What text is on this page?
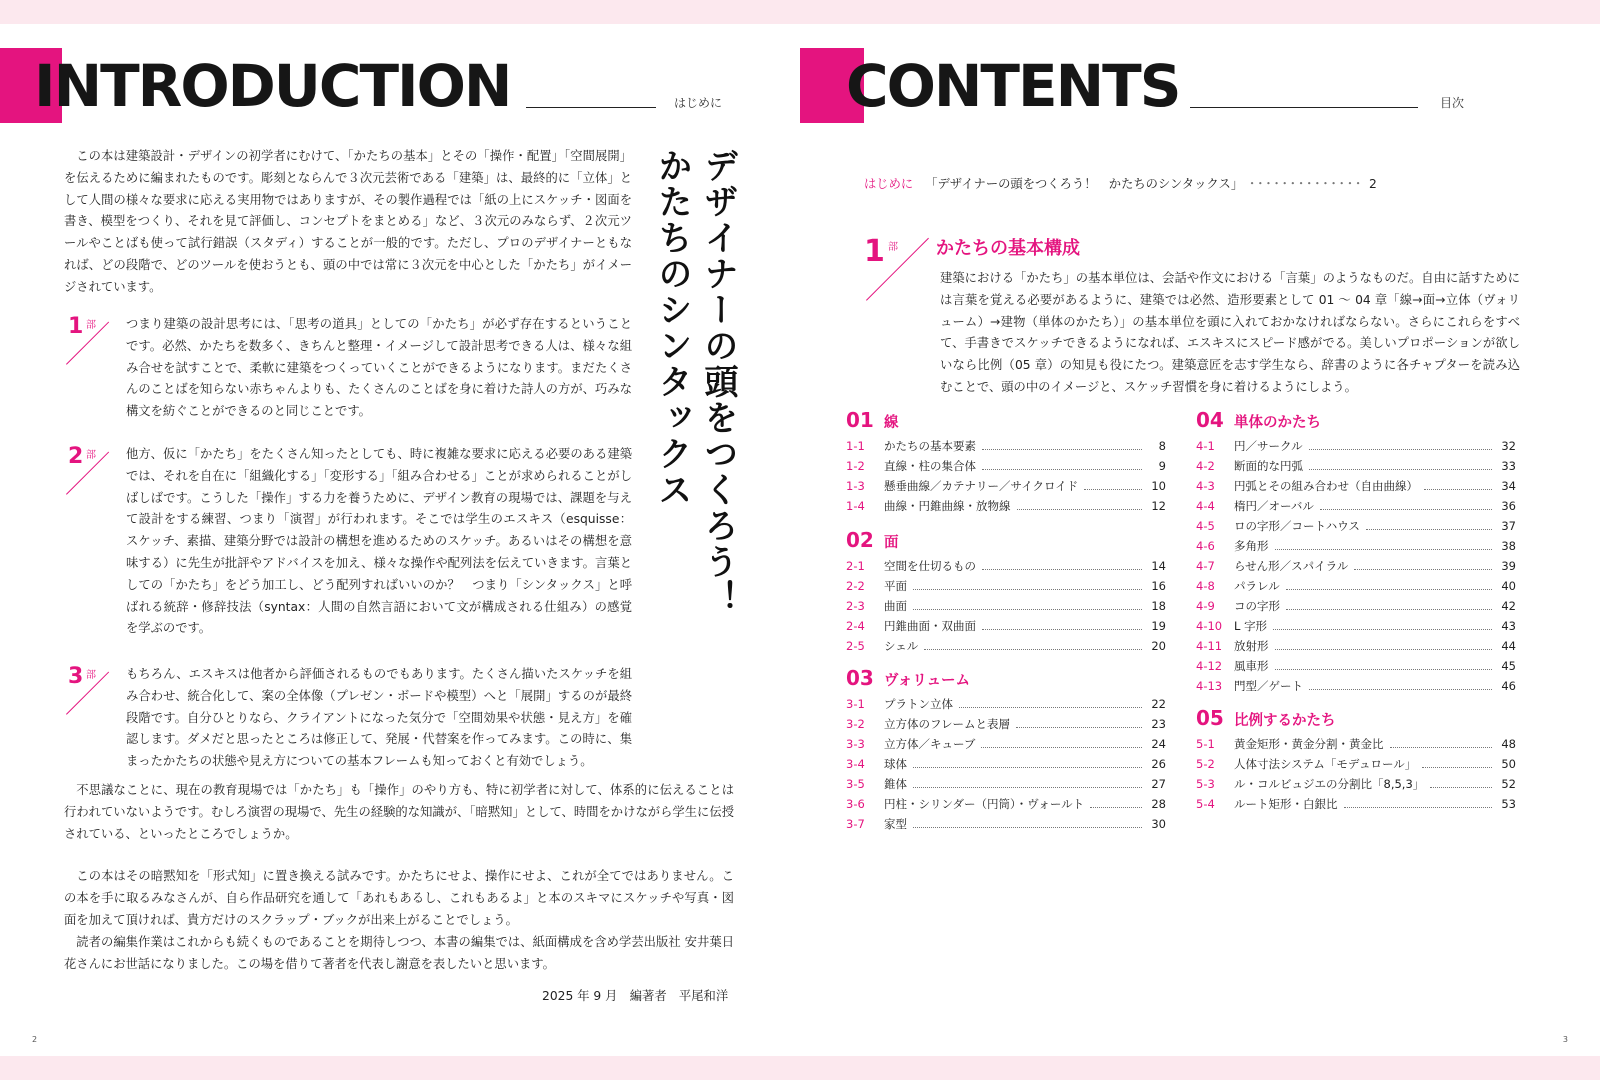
INTRODUCTION	はじめに
この本は建築設計・デザインの初学者にむけて、「かたちの基本」とその「操作・配置」「空間展開」を伝えるために編まれたものです。彫刻とならんで３次元芸術である「建築」は、最終的に「立体」として人間の様々な要求に応える実用物ではありますが、その製作過程では「紙の上にスケッチ・図面を書き、模型をつくり、それを見て評価し、コンセプトをまとめる」など、３次元のみならず、２次元ツールやことばも使って試行錯誤（スタディ）することが一般的です。ただし、プロのデザイナーともなれば、どの段階で、どのツールを使おうとも、頭の中では常に３次元を中心とした「かたち」がイメージされています。
1 部 つまり建築の設計思考には、「思考の道具」としての「かたち」が必ず存在するということです。必然、かたちを数多く、きちんと整理・イメージして設計思考できる人は、様々な組み合せを試すことで、柔軟に建築をつくっていくことができるようになります。まだたくさんのことばを知らない赤ちゃんよりも、たくさんのことばを身に着けた詩人の方が、巧みな構文を紡ぐことができるのと同じことです。
2 部 他方、仮に「かたち」をたくさん知ったとしても、時に複雑な要求に応える必要のある建築では、それを自在に「組織化する」「変形する」「組み合わせる」ことが求められることがしばしばです。こうした「操作」する力を養うために、デザイン教育の現場では、課題を与えて設計をする練習、つまり「演習」が行われます。そこでは学生のエスキス（esquisse：スケッチ、素描、建築分野では設計の構想を進めるためのスケッチ。あるいはその構想を意味する）に先生が批評やアドバイスを加え、様々な操作や配列法を伝えていきます。言葉としての「かたち」をどう加工し、どう配列すればいいのか？　つまり「シンタックス」と呼ばれる統辞・修辞技法（syntax：人間の自然言語において文が構成される仕組み）の感覚を学ぶのです。
3 部 もちろん、エスキスは他者から評価されるものでもあります。たくさん描いたスケッチを組み合わせ、統合化して、案の全体像（プレゼン・ボードや模型）へと「展開」するのが最終段階です。自分ひとりなら、クライアントになった気分で「空間効果や状態・見え方」を確認します。ダメだと思ったところは修正して、発展・代替案を作ってみます。この時に、集まったかたちの状態や見え方についての基本フレームも知っておくと有効でしょう。
デザイナーの頭をつくろう！
かたちのシンタックス
不思議なことに、現在の教育現場では「かたち」も「操作」のやり方も、特に初学者に対して、体系的に伝えることは行われていないようです。むしろ演習の現場で、先生の経験的な知識が、「暗黙知」として、時間をかけながら学生に伝授されている、といったところでしょうか。
この本はその暗黙知を「形式知」に置き換える試みです。かたちにせよ、操作にせよ、これが全てではありません。この本を手に取るみなさんが、自ら作品研究を通して「あれもあるし、これもあるよ」と本のスキマにスケッチや写真・図面を加えて頂ければ、貴方だけのスクラップ・ブックが出来上がることでしょう。
読者の編集作業はこれからも続くものであることを期待しつつ、本書の編集では、紙面構成を含め学芸出版社 安井葉日花さんにお世話になりました。この場を借りて著者を代表し謝意を表したいと思います。
2025 年 9 月　編著者　平尾和洋
2
CONTENTS	目次
はじめに 「デザイナーの頭をつくろう！　かたちのシンタックス」 ･･････････････ 2
1 部 かたちの基本構成
建築における「かたち」の基本単位は、会話や作文における「言葉」のようなものだ。自由に話すためには言葉を覚える必要があるように、建築では必然、造形要素として 01 〜 04 章「線→面→立体（ヴォリューム）→建物（単体のかたち）」の基本単位を頭に入れておかなければならない。さらにこれらをすべて、手書きでスケッチできるようになれば、エスキスにスピード感がでる。美しいプロポーションが欲しいなら比例（05 章）の知見も役にたつ。建築意匠を志す学生なら、辞書のように各チャプターを読み込むことで、頭の中のイメージと、スケッチ習慣を身に着けるようにしよう。
01 線
1-1	かたちの基本要素	8
1-2	直線・柱の集合体	9
1-3	懸垂曲線／カテナリー／サイクロイド	10
1-4	曲線・円錐曲線・放物線	12
02 面
2-1	空間を仕切るもの	14
2-2	平面	16
2-3	曲面	18
2-4	円錐曲面・双曲面	19
2-5	シェル	20
03 ヴォリューム
3-1	プラトン立体	22
3-2	立方体のフレームと表層	23
3-3	立方体／キューブ	24
3-4	球体	26
3-5	錐体	27
3-6	円柱・シリンダー（円筒）・ヴォールト	28
3-7	家型	30
04 単体のかたち
4-1	円／サークル	32
4-2	断面的な円弧	33
4-3	円弧とその組み合わせ（自由曲線）	34
4-4	楕円／オーバル	36
4-5	ロの字形／コートハウス	37
4-6	多角形	38
4-7	らせん形／スパイラル	39
4-8	パラレル	40
4-9	コの字形	42
4-10	L 字形	43
4-11	放射形	44
4-12	風車形	45
4-13	門型／ゲート	46
05 比例するかたち
5-1	黄金矩形・黄金分割・黄金比	48
5-2	人体寸法システム「モデュロール」	50
5-3	ル・コルビュジエの分割比「8,5,3」	52
5-4	ルート矩形・白銀比	53
3
